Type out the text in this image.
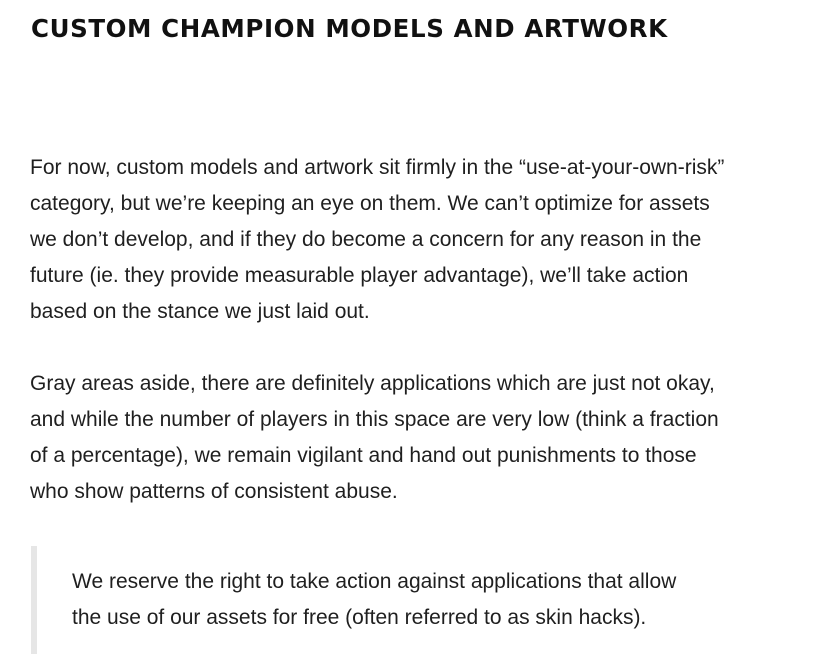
CUSTOM CHAMPION MODELS AND ARTWORK

For now, custom models and artwork sit firmly in the “use-at-your-own-risk”
category, but we’re keeping an eye on them. We can’t optimize for assets
we don’t develop, and if they do become a concern for any reason in the
future (ie. they provide measurable player advantage), we’ll take action
based on the stance we just laid out.

Gray areas aside, there are definitely applications which are just not okay,
and while the number of players in this space are very low (think a fraction
of a percentage), we remain vigilant and hand out punishments to those
who show patterns of consistent abuse.

We reserve the right to take action against applications that allow
the use of our assets for free (often referred to as skin hacks).
